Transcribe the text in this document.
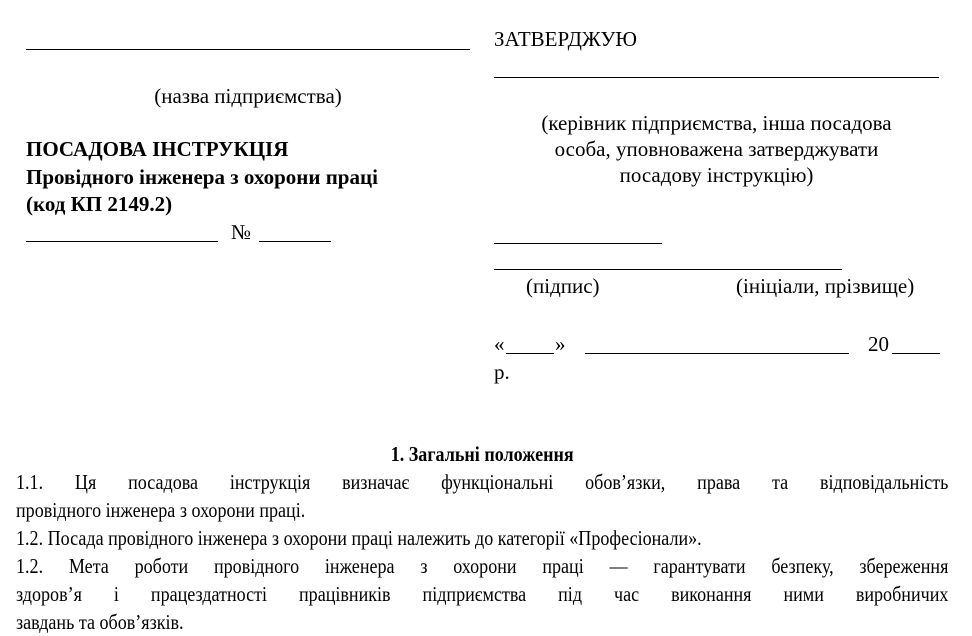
(назва підприємства)
ПОСАДОВА ІНСТРУКЦІЯ
Провідного інженера з охорони праці
(код КП 2149.2)
№
ЗАТВЕРДЖУЮ
(керівник підприємства, інша посадова
особа, уповноважена затверджувати
посадову інструкцію)
(підпис)	(ініціали, прізвище)
« »	20
р.

1. Загальні положення

1.1. Ця посадова інструкція визначає функціональні обов’язки, права та відповідальність

провідного інженера з охорони праці.

1.2. Посада провідного інженера з охорони праці належить до категорії «Професіонали».

1.2. Мета роботи провідного інженера з охорони праці — гарантувати безпеку, збереження

здоров’я і працездатності працівників підприємства під час виконання ними виробничих

завдань та обов’язків.
